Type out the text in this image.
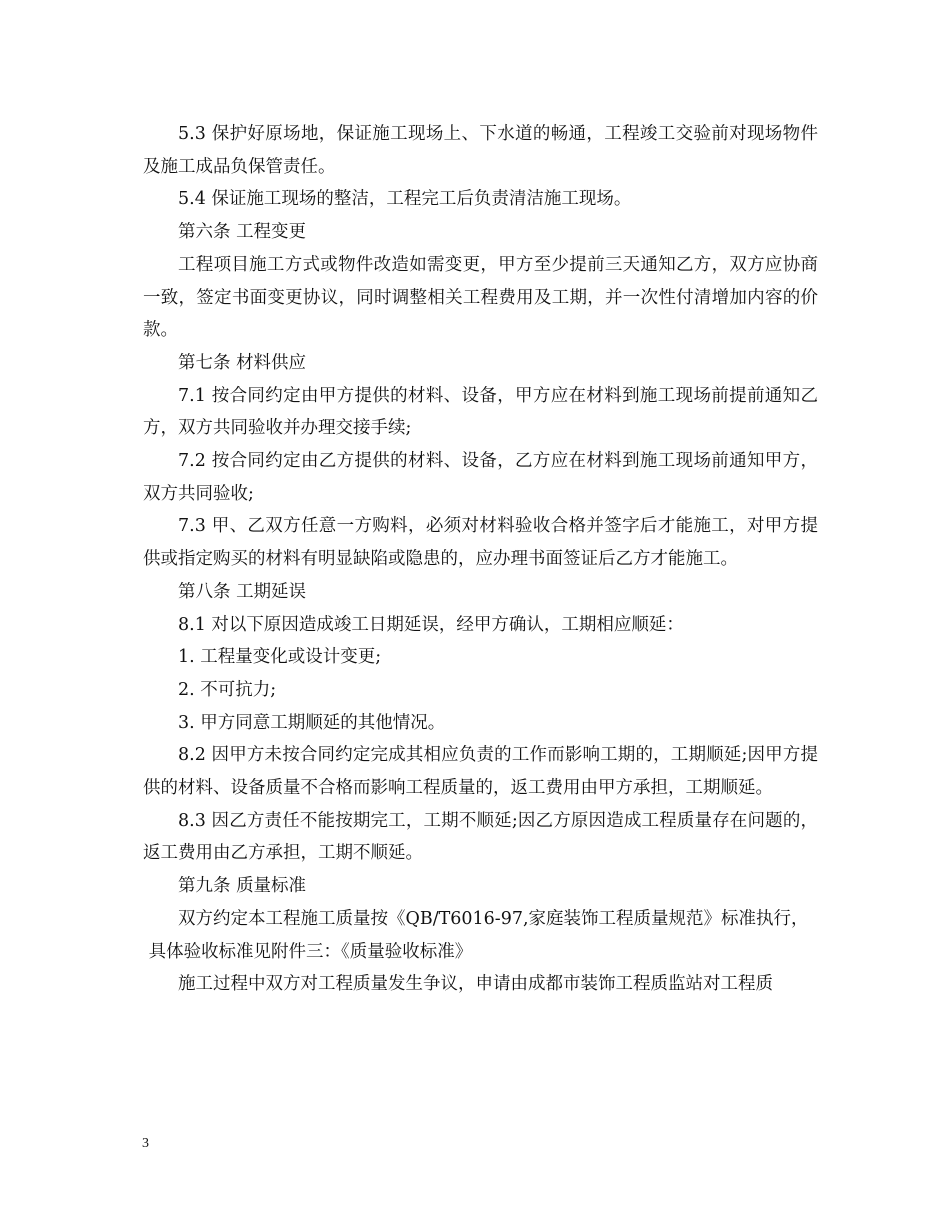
5.3 保护好原场地，保证施工现场上、下水道的畅通，工程竣工交验前对现场物件及施工成品负保管责任。

5.4 保证施工现场的整洁，工程完工后负责清洁施工现场。

第六条 工程变更

工程项目施工方式或物件改造如需变更，甲方至少提前三天通知乙方，双方应协商一致，签定书面变更协议，同时调整相关工程费用及工期，并一次性付清增加内容的价款。

第七条 材料供应

7.1 按合同约定由甲方提供的材料、设备，甲方应在材料到施工现场前提前通知乙方，双方共同验收并办理交接手续;

7.2 按合同约定由乙方提供的材料、设备，乙方应在材料到施工现场前通知甲方，双方共同验收;

7.3 甲、乙双方任意一方购料，必须对材料验收合格并签字后才能施工，对甲方提供或指定购买的材料有明显缺陷或隐患的，应办理书面签证后乙方才能施工。

第八条 工期延误

8.1 对以下原因造成竣工日期延误，经甲方确认，工期相应顺延：

1. 工程量变化或设计变更;

2. 不可抗力;

3. 甲方同意工期顺延的其他情况。

8.2 因甲方未按合同约定完成其相应负责的工作而影响工期的，工期顺延;因甲方提供的材料、设备质量不合格而影响工程质量的，返工费用由甲方承担，工期顺延。

8.3 因乙方责任不能按期完工，工期不顺延;因乙方原因造成工程质量存在问题的，返工费用由乙方承担，工期不顺延。

第九条 质量标准

双方约定本工程施工质量按《QB/T6016-97,家庭装饰工程质量规范》标准执行，

具体验收标准见附件三：《质量验收标准》

施工过程中双方对工程质量发生争议，申请由成都市装饰工程质监站对工程质

3
